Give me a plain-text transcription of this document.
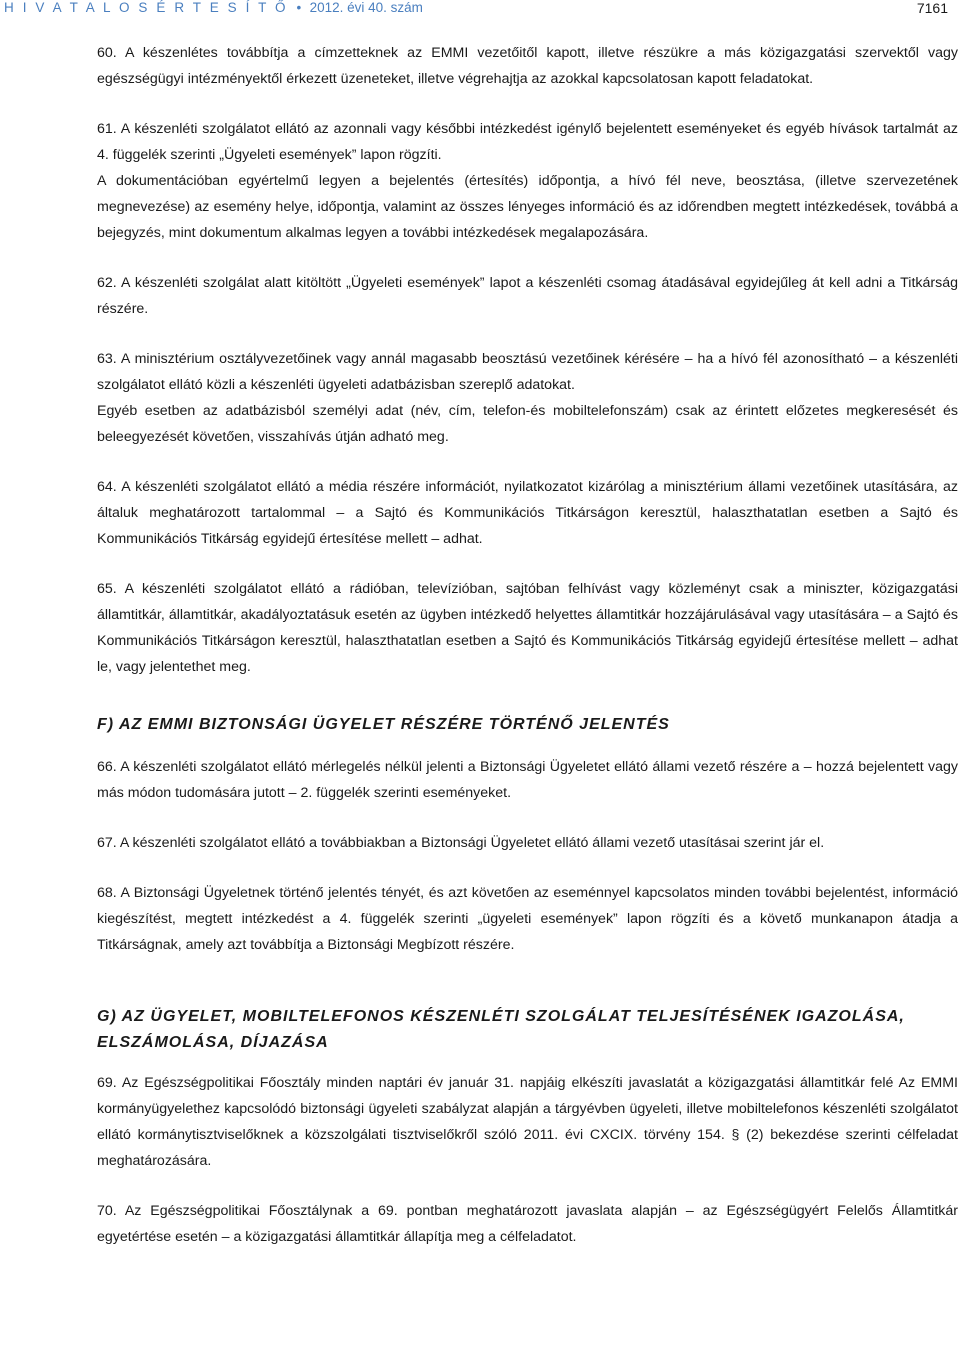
H I V A T A L O S É R T E S Í T Ő • 2012. évi 40. szám	7161

60. A készenlétes továbbítja a címzetteknek az EMMI vezetőitől kapott, illetve részükre a más közigazgatási szervektől vagy egészségügyi intézményektől érkezett üzeneteket, illetve végrehajtja az azokkal kapcsolatosan kapott feladatokat.

61. A készenléti szolgálatot ellátó az azonnali vagy későbbi intézkedést igénylő bejelentett eseményeket és egyéb hívások tartalmát az 4. függelék szerinti „Ügyeleti események” lapon rögzíti.

A dokumentációban egyértelmű legyen a bejelentés (értesítés) időpontja, a hívó fél neve, beosztása, (illetve szervezetének megnevezése) az esemény helye, időpontja, valamint az összes lényeges információ és az időrendben megtett intézkedések, továbbá a bejegyzés, mint dokumentum alkalmas legyen a további intézkedések megalapozására.

62. A készenléti szolgálat alatt kitöltött „Ügyeleti események” lapot a készenléti csomag átadásával egyidejűleg át kell adni a Titkárság részére.

63. A minisztérium osztályvezetőinek vagy annál magasabb beosztású vezetőinek kérésére – ha a hívó fél azonosítható – a készenléti szolgálatot ellátó közli a készenléti ügyeleti adatbázisban szereplő adatokat.

Egyéb esetben az adatbázisból személyi adat (név, cím, telefon-és mobiltelefonszám) csak az érintett előzetes megkeresését és beleegyezését követően, visszahívás útján adható meg.

64. A készenléti szolgálatot ellátó a média részére információt, nyilatkozatot kizárólag a minisztérium állami vezetőinek utasítására, az általuk meghatározott tartalommal – a Sajtó és Kommunikációs Titkárságon keresztül, halaszthatatlan esetben a Sajtó és Kommunikációs Titkárság egyidejű értesítése mellett – adhat.

65. A készenléti szolgálatot ellátó a rádióban, televízióban, sajtóban felhívást vagy közleményt csak a miniszter, közigazgatási államtitkár, államtitkár, akadályoztatásuk esetén az ügyben intézkedő helyettes államtitkár hozzájárulásával vagy utasítására – a Sajtó és Kommunikációs Titkárságon keresztül, halaszthatatlan esetben a Sajtó és Kommunikációs Titkárság egyidejű értesítése mellett – adhat le, vagy jelentethet meg.

F) AZ EMMI BIZTONSÁGI ÜGYELET RÉSZÉRE TÖRTÉNŐ JELENTÉS

66. A készenléti szolgálatot ellátó mérlegelés nélkül jelenti a Biztonsági Ügyeletet ellátó állami vezető részére a – hozzá bejelentett vagy más módon tudomására jutott – 2. függelék szerinti eseményeket.

67. A készenléti szolgálatot ellátó a továbbiakban a Biztonsági Ügyeletet ellátó állami vezető utasításai szerint jár el.

68. A Biztonsági Ügyeletnek történő jelentés tényét, és azt követően az eseménnyel kapcsolatos minden további bejelentést, információ kiegészítést, megtett intézkedést a 4. függelék szerinti „ügyeleti események” lapon rögzíti és a követő munkanapon átadja a Titkárságnak, amely azt továbbítja a Biztonsági Megbízott részére.

G) AZ ÜGYELET, MOBILTELEFONOS KÉSZENLÉTI SZOLGÁLAT TELJESÍTÉSÉNEK IGAZOLÁSA, ELSZÁMOLÁSA, DÍJAZÁSA

69. Az Egészségpolitikai Főosztály minden naptári év január 31. napjáig elkészíti javaslatát a közigazgatási államtitkár felé Az EMMI kormányügyelethez kapcsolódó biztonsági ügyeleti szabályzat alapján a tárgyévben ügyeleti, illetve mobiltelefonos készenléti szolgálatot ellátó kormánytisztviselőknek a közszolgálati tisztviselőkről szóló 2011. évi CXCIX. törvény 154. § (2) bekezdése szerinti célfeladat meghatározására.

70. Az Egészségpolitikai Főosztálynak a 69. pontban meghatározott javaslata alapján – az Egészségügyért Felelős Államtitkár egyetértése esetén – a közigazgatási államtitkár állapítja meg a célfeladatot.
